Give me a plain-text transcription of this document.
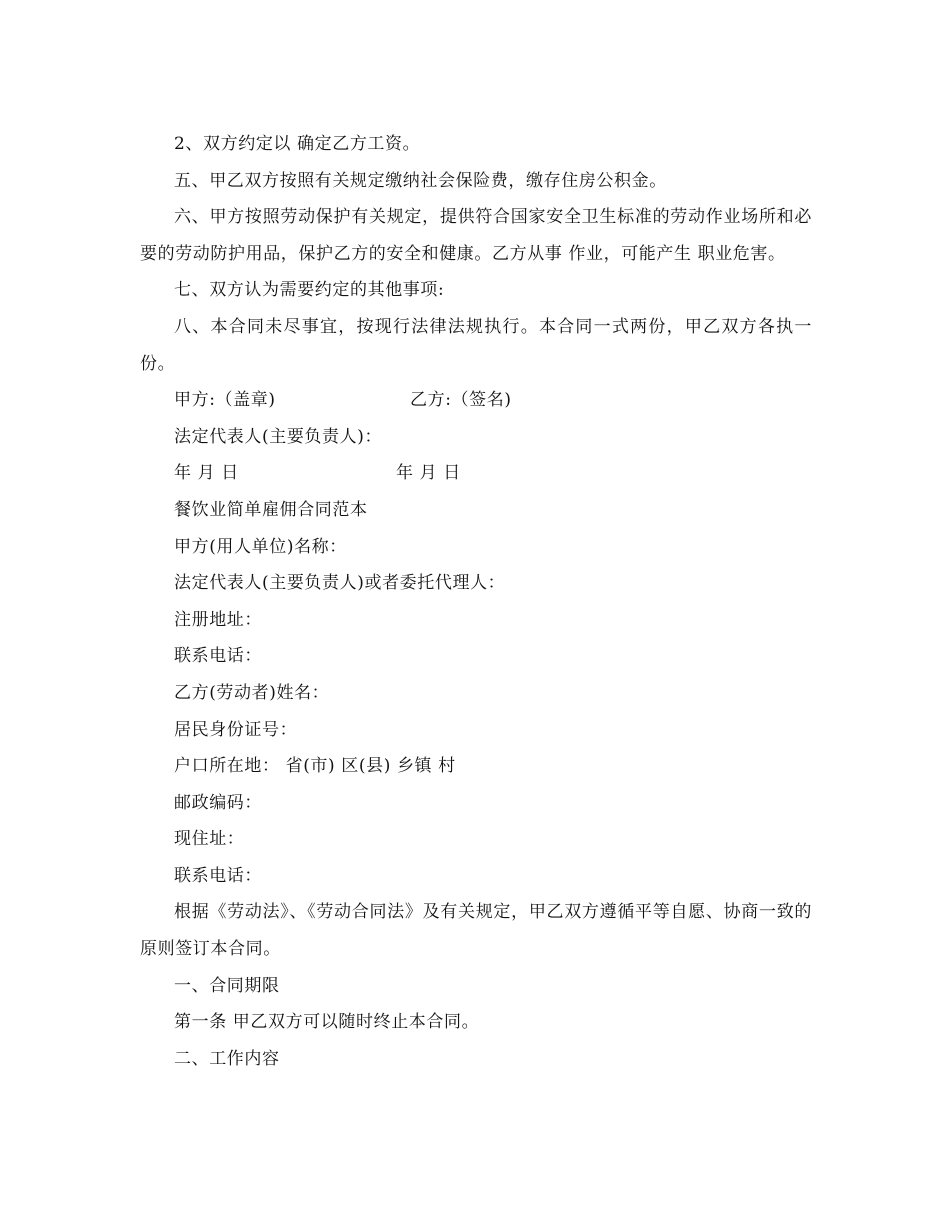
2、双方约定以 确定乙方工资。

五、甲乙双方按照有关规定缴纳社会保险费，缴存住房公积金。

六、甲方按照劳动保护有关规定，提供符合国家安全卫生标准的劳动作业场所和必要的劳动防护用品，保护乙方的安全和健康。乙方从事 作业，可能产生 职业危害。

七、双方认为需要约定的其他事项:

八、本合同未尽事宜，按现行法律法规执行。本合同一式两份，甲乙双方各执一份。

甲方:（盖章)	乙方:（签名)
法定代表人(主要负责人)：
年 月 日	年 月 日

餐饮业简单雇佣合同范本

甲方(用人单位)名称：

法定代表人(主要负责人)或者委托代理人：

注册地址：

联系电话：

乙方(劳动者)姓名：

居民身份证号：

户口所在地： 省(市) 区(县) 乡镇 村

邮政编码：

现住址：

联系电话：

根据《劳动法》、《劳动合同法》及有关规定，甲乙双方遵循平等自愿、协商一致的原则签订本合同。

一、合同期限

第一条 甲乙双方可以随时终止本合同。

二、工作内容
